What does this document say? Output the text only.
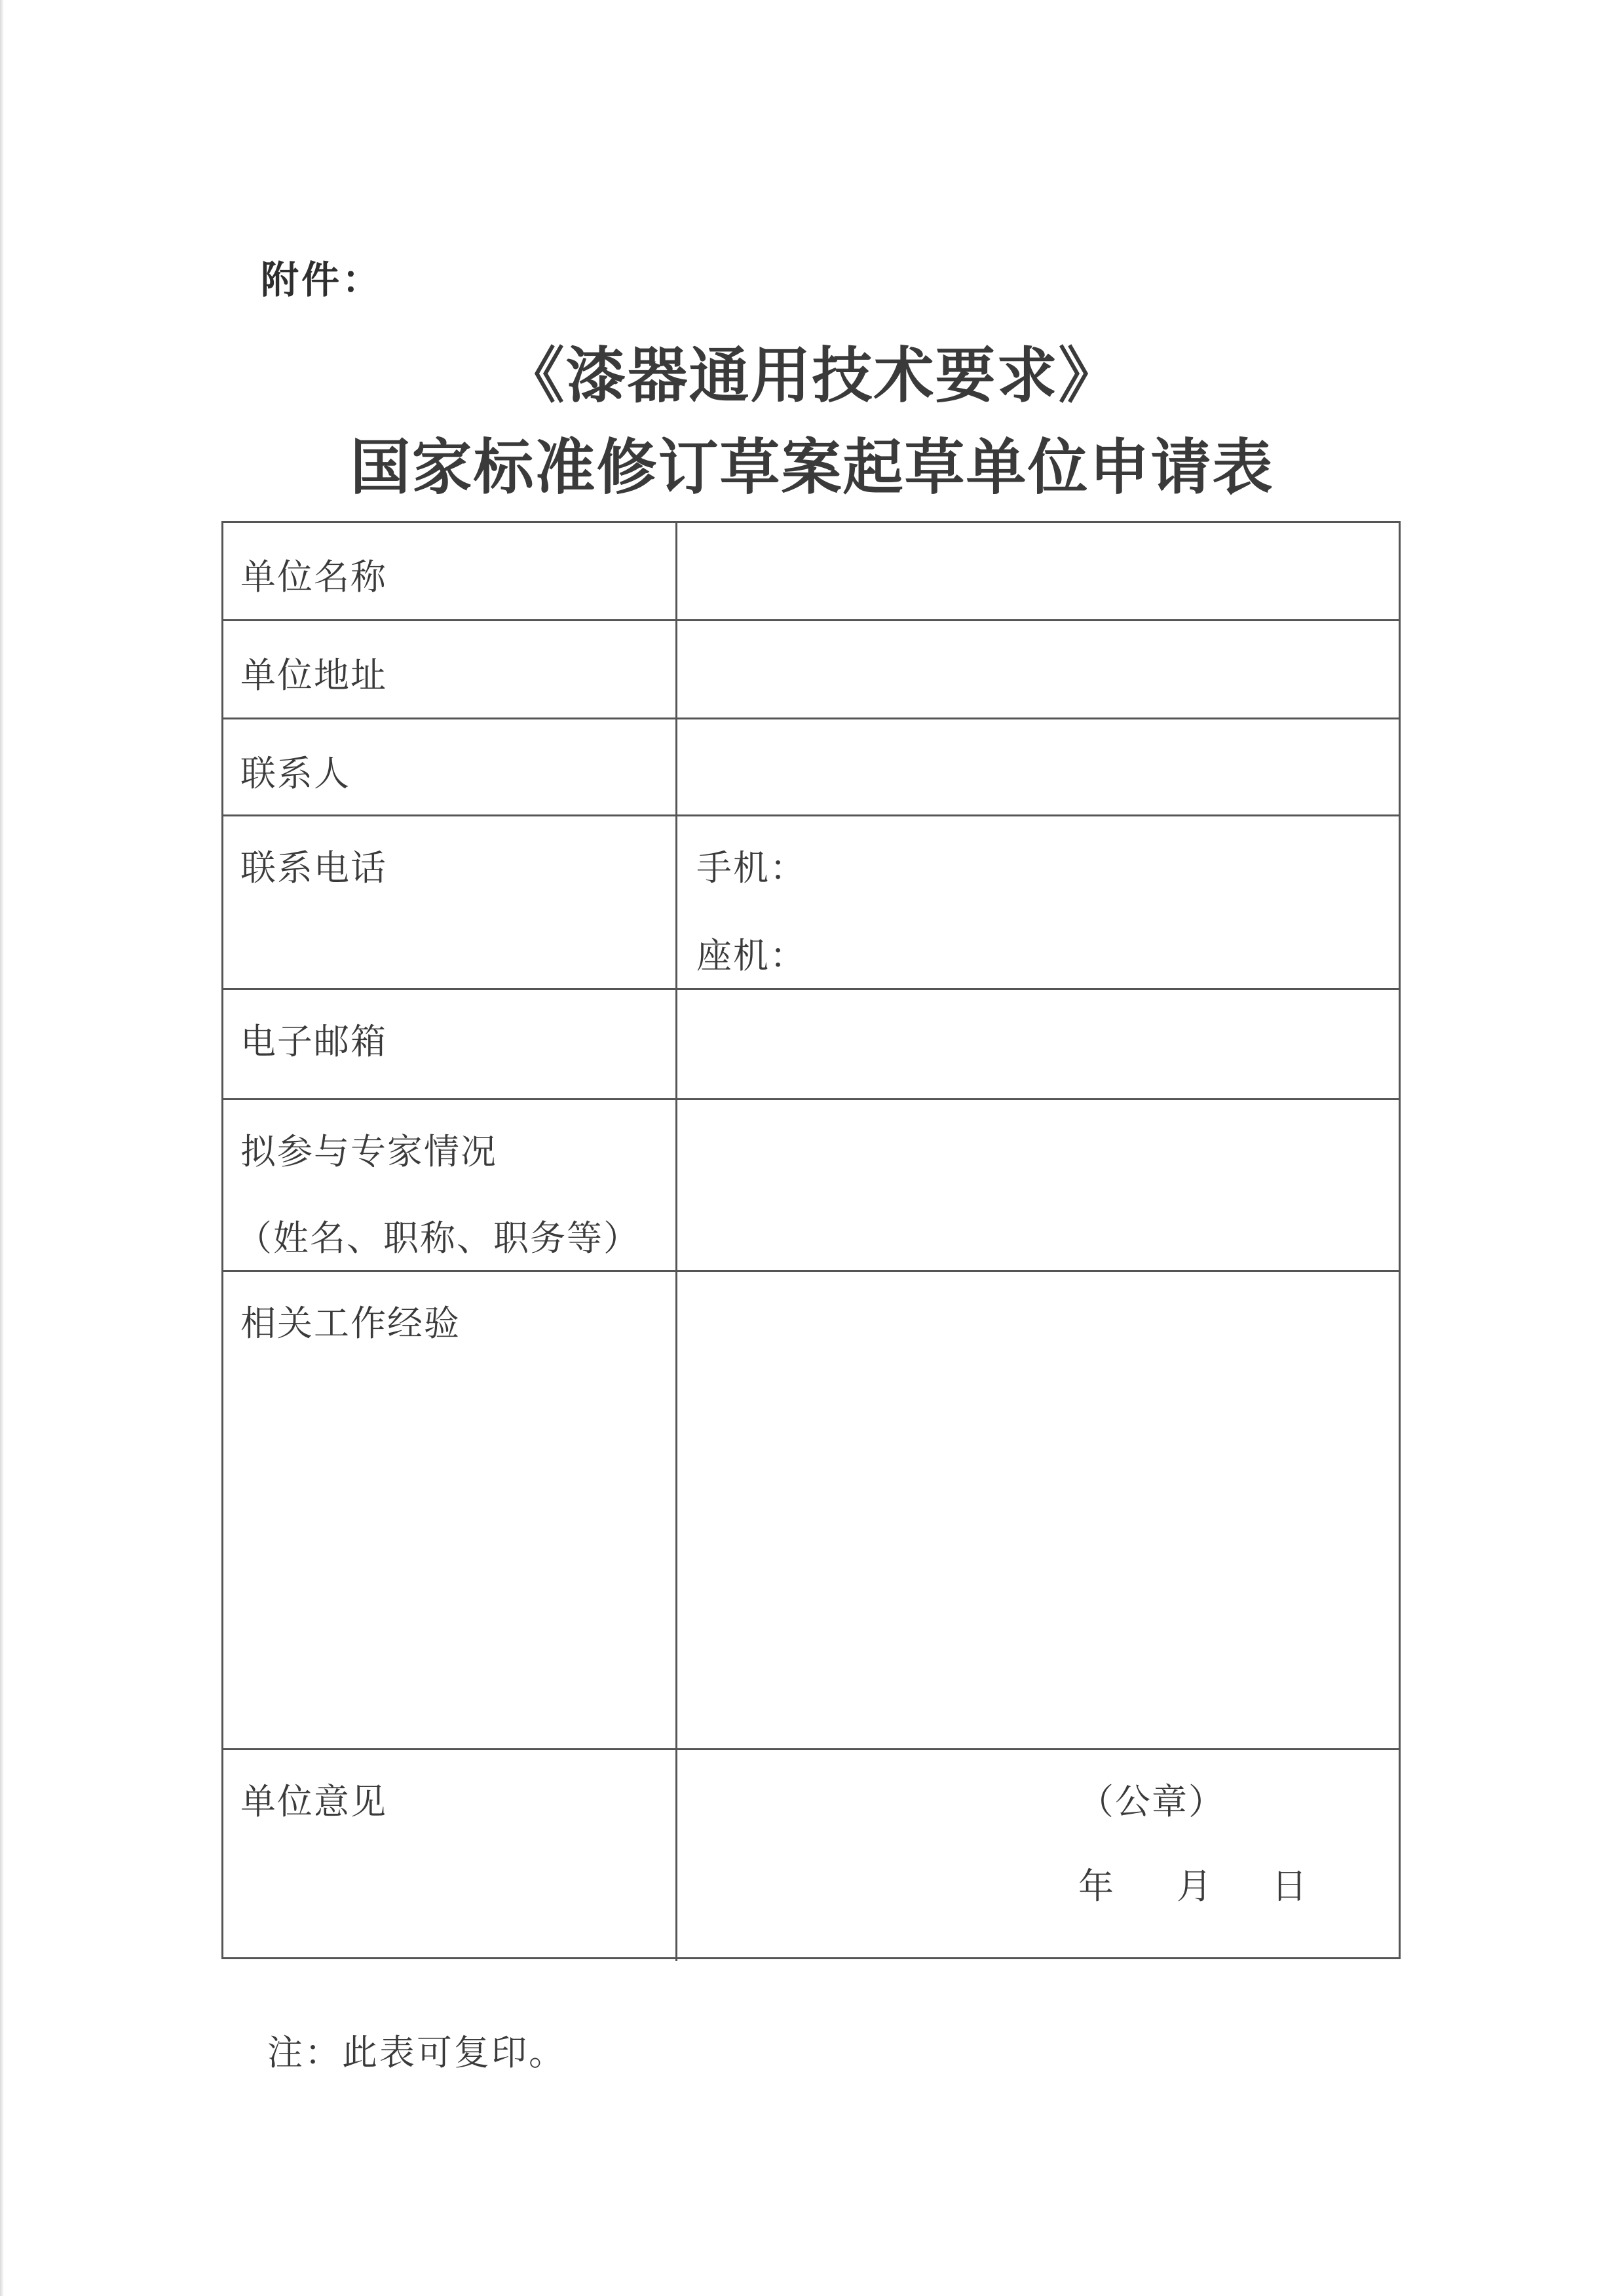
附件：
《漆器通用技术要求》
国家标准修订草案起草单位申请表
单位名称
单位地址
联系人
联系电话	手机：
座机：
电子邮箱
拟参与专家情况
（姓名、职称、职务等）
相关工作经验
单位意见	（公章）
年 月 日
注：此表可复印。
